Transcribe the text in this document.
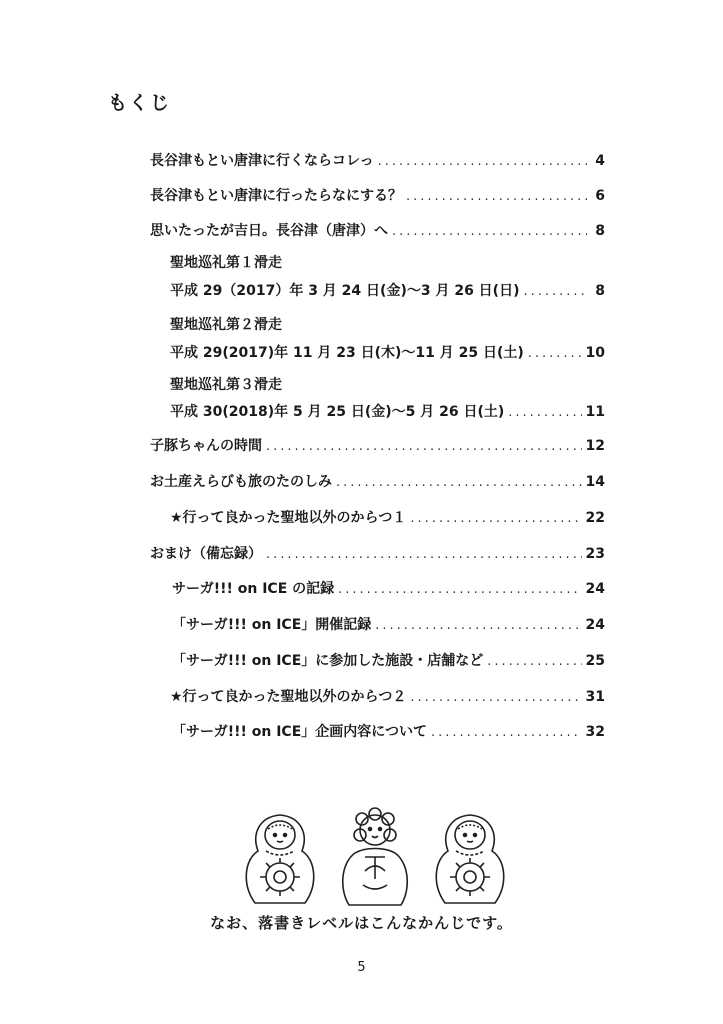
もくじ
長谷津もとい唐津に行くならコレっ .....	4
長谷津もとい唐津に行ったらなにする？ .....	6
思いたったが吉日。長谷津（唐津）へ .....	8
聖地巡礼第１滑走
平成 29（2017）年 3 月 24 日(金)～3 月 26 日(日) .....	8
聖地巡礼第２滑走
平成 29(2017)年 11 月 23 日(木)～11 月 25 日(土) .....	10
聖地巡礼第３滑走
平成 30(2018)年 5 月 25 日(金)～5 月 26 日(土) .....	11
子豚ちゃんの時間 .....	12
お土産えらびも旅のたのしみ .....	14
★行って良かった聖地以外のからつ１ .....	22
おまけ（備忘録） .....	23
サーガ!!! on ICE の記録 .....	24
「サーガ!!! on ICE」開催記録 .....	24
「サーガ!!! on ICE」に参加した施設・店舗など .....	25
★行って良かった聖地以外のからつ２ .....	31
「サーガ!!! on ICE」企画内容について .....	32
なお、落書きレベルはこんなかんじです。
5
